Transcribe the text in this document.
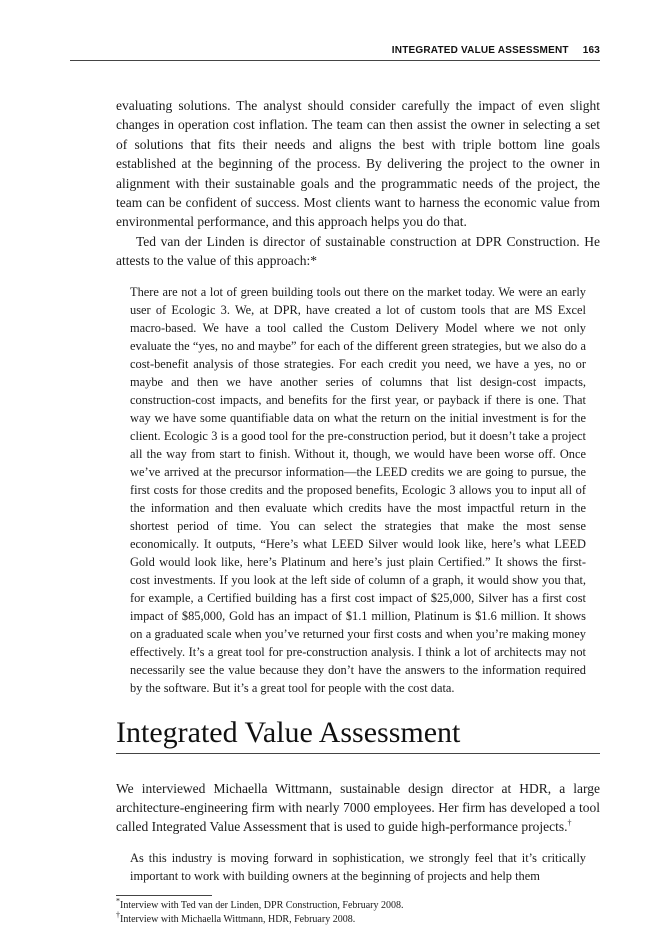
INTEGRATED VALUE ASSESSMENT 163

evaluating solutions. The analyst should consider carefully the impact of even slight changes in operation cost inflation. The team can then assist the owner in selecting a set of solutions that fits their needs and aligns the best with triple bottom line goals established at the beginning of the process. By delivering the project to the owner in alignment with their sustainable goals and the programmatic needs of the project, the team can be confident of success. Most clients want to harness the economic value from environmental performance, and this approach helps you do that.

Ted van der Linden is director of sustainable construction at DPR Construction. He attests to the value of this approach:*

There are not a lot of green building tools out there on the market today. We were an early user of Ecologic 3. We, at DPR, have created a lot of custom tools that are MS Excel macro-based. We have a tool called the Custom Delivery Model where we not only evaluate the “yes, no and maybe” for each of the different green strategies, but we also do a cost-benefit analysis of those strategies. For each credit you need, we have a yes, no or maybe and then we have another series of columns that list design-cost impacts, construction-cost impacts, and benefits for the first year, or payback if there is one. That way we have some quantifiable data on what the return on the initial investment is for the client. Ecologic 3 is a good tool for the pre-construction period, but it doesn’t take a project all the way from start to finish. Without it, though, we would have been worse off. Once we’ve arrived at the precursor information—the LEED credits we are going to pursue, the first costs for those credits and the proposed benefits, Ecologic 3 allows you to input all of the information and then evaluate which credits have the most impactful return in the shortest period of time. You can select the strategies that make the most sense economically. It outputs, “Here’s what LEED Silver would look like, here’s what LEED Gold would look like, here’s Platinum and here’s just plain Certified.” It shows the first-cost investments. If you look at the left side of column of a graph, it would show you that, for example, a Certified building has a first cost impact of $25,000, Silver has a first cost impact of $85,000, Gold has an impact of $1.1 million, Platinum is $1.6 million. It shows on a graduated scale when you’ve returned your first costs and when you’re making money effectively. It’s a great tool for pre-construction analysis. I think a lot of architects may not necessarily see the value because they don’t have the answers to the information required by the software. But it’s a great tool for people with the cost data.

Integrated Value Assessment

We interviewed Michaella Wittmann, sustainable design director at HDR, a large architecture-engineering firm with nearly 7000 employees. Her firm has developed a tool called Integrated Value Assessment that is used to guide high-performance projects.†

As this industry is moving forward in sophistication, we strongly feel that it’s critically important to work with building owners at the beginning of projects and help them

*Interview with Ted van der Linden, DPR Construction, February 2008.

†Interview with Michaella Wittmann, HDR, February 2008.
